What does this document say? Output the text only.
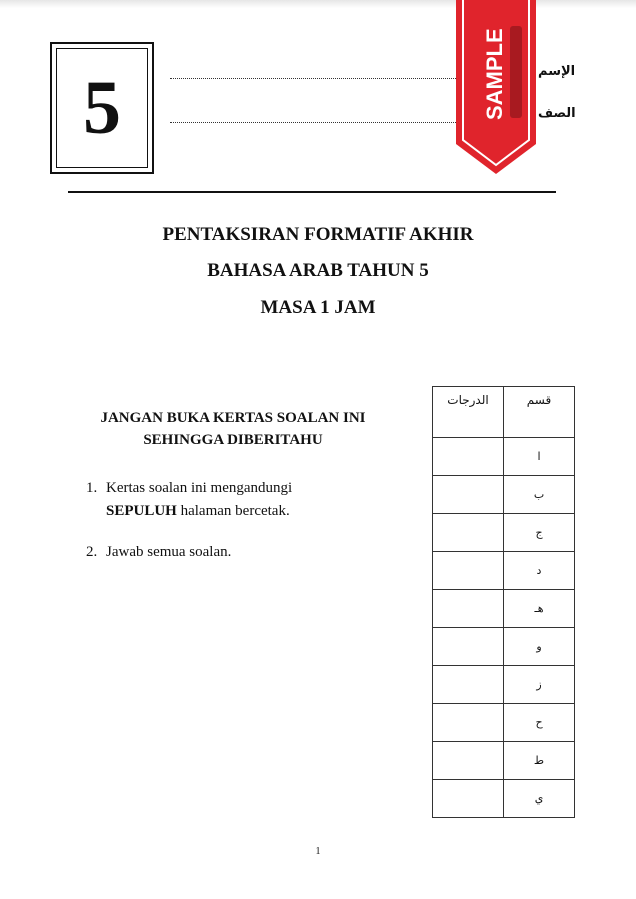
5	الإسم
الصف
SAMPLE
PENTAKSIRAN FORMATIF AKHIR
BAHASA ARAB TAHUN 5
MASA 1 JAM
JANGAN BUKA KERTAS SOALAN INI
SEHINGGA DIBERITAHU
1. Kertas soalan ini mengandungi
SEPULUH halaman bercetak.
2. Jawab semua soalan.
الدرجات	قسم
	ا
	ب
	ج
	د
	هـ
	و
	ز
	ح
	ط
	ي
1
